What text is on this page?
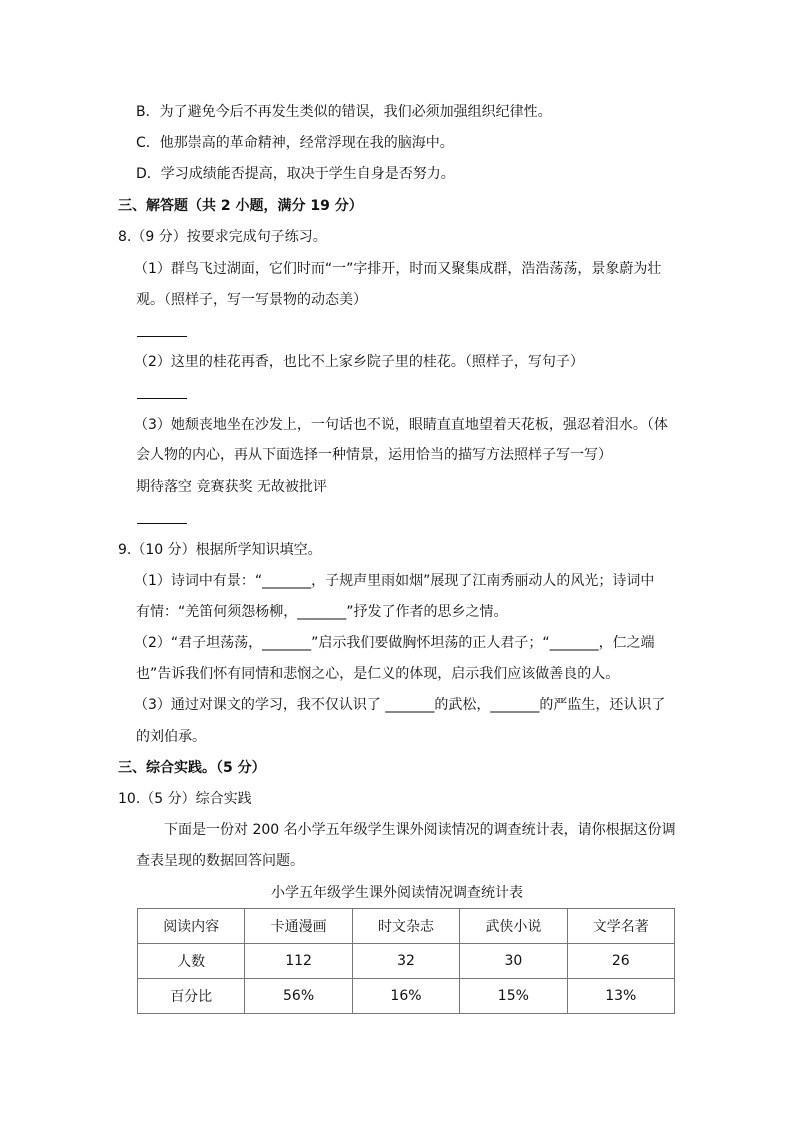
B．为了避免今后不再发生类似的错误，我们必须加强组织纪律性。
C．他那崇高的革命精神，经常浮现在我的脑海中。
D．学习成绩能否提高，取决于学生自身是否努力。
三、解答题（共 2 小题，满分 19 分）
8.（9 分）按要求完成句子练习。
（1）群鸟飞过湖面，它们时而“一”字排开，时而又聚集成群，浩浩荡荡，景象蔚为壮
观。（照样子，写一写景物的动态美）
（2）这里的桂花再香，也比不上家乡院子里的桂花。（照样子，写句子）
（3）她颓丧地坐在沙发上，一句话也不说，眼睛直直地望着天花板，强忍着泪水。（体
会人物的内心，再从下面选择一种情景，运用恰当的描写方法照样子写一写）
期待落空 竞赛获奖 无故被批评
9.（10 分）根据所学知识填空。
（1）诗词中有景：“_______，子规声里雨如烟”展现了江南秀丽动人的风光；诗词中
有情：“羌笛何须怨杨柳，_______”抒发了作者的思乡之情。
（2）“君子坦荡荡，_______”启示我们要做胸怀坦荡的正人君子；“_______，仁之端
也”告诉我们怀有同情和悲悯之心，是仁义的体现，启示我们应该做善良的人。
（3）通过对课文的学习，我不仅认识了 _______的武松，_______的严监生，还认识了
的刘伯承。
三、综合实践。（5 分）
10.（5 分）综合实践
下面是一份对 200 名小学五年级学生课外阅读情况的调查统计表，请你根据这份调
查表呈现的数据回答问题。
小学五年级学生课外阅读情况调查统计表
阅读内容	卡通漫画	时文杂志	武侠小说	文学名著
人数	112	32	30	26
百分比	56%	16%	15%	13%
